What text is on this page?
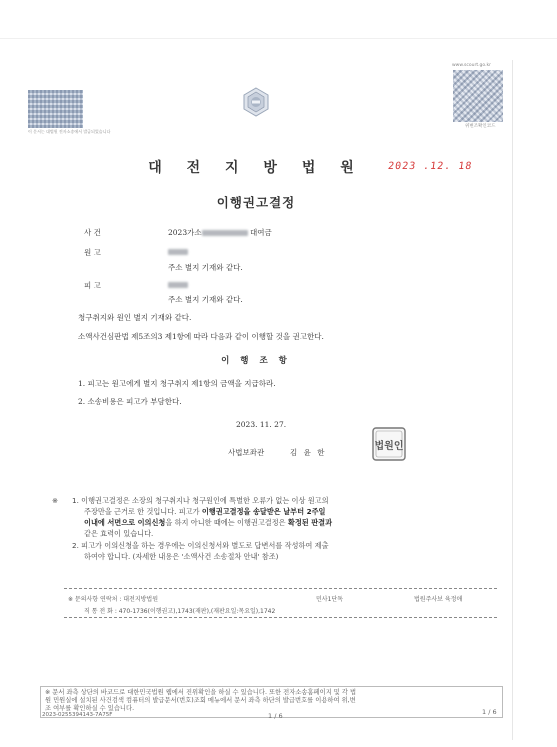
이 문서는 대법원 전자소송에서 발급되었습니다
www.scourt.go.kr
위변조확인코드
대 전 지 방 법 원	2023 .12. 18
이행권고결정
사 건	2023가소	대여금
원 고
주소 별지 기재와 같다.
피 고
주소 별지 기재와 같다.
청구취지와 원인 별지 기재와 같다.
소액사건심판법 제5조의3 제1항에 따라 다음과 같이 이행할 것을 권고한다.
이 행 조 항
1. 피고는 원고에게 별지 청구취지 제1항의 금액을 지급하라.
2. 소송비용은 피고가 부담한다.
2023. 11. 27.
사법보좌관	김 윤 한
법원인
※ 1. 이행권고결정은 소장의 청구취지나 청구원인에 특별한 오류가 없는 이상 원고의
주장만을 근거로 한 것입니다. 피고가 이행권고결정을 송달받은 날부터 2주일
이내에 서면으로 이의신청을 하지 아니한 때에는 이행권고결정은 확정된 판결과
같은 효력이 있습니다.
2. 피고가 이의신청을 하는 경우에는 이의신청서와 별도로 답변서를 작성하여 제출
하여야 합니다. (자세한 내용은 '소액사건 소송절차 안내' 참조)
※ 문의사항 연락처 : 대전지방법원	민사1단독	법원주사보 육정애
직 통 전 화 : 470-1736(이행권고),1743(재판),(재판요일:목요일),1742
※ 문서 좌측 상단의 바코드로 대한민국법원 웹에서 진위확인을 하실 수 있습니다. 또한 전자소송홈페이지 및 각 법
원 민원실에 설치된 사건검색 컴퓨터의 발급문서(번호)조회 메뉴에서 문서 좌측 하단의 발급번호를 이용하여 위,변
조 여부를 확인하실 수 있습니다.
2023-0255394143-7A75F	1 / 6	1 / 6
